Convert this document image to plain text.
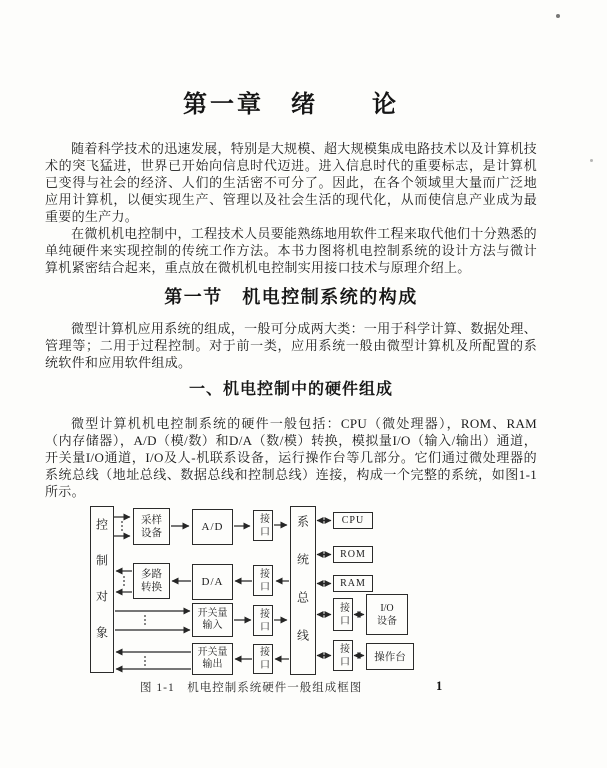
第一章　绪　　论

随着科学技术的迅速发展，特别是大规模、超大规模集成电路技术以及计算机技术的突飞猛进，世界已开始向信息时代迈进。进入信息时代的重要标志，是计算机已变得与社会的经济、人们的生活密不可分了。因此，在各个领域里大量而广泛地应用计算机，以便实现生产、管理以及社会生活的现代化，从而使信息产业成为最重要的生产力。

在微机机电控制中，工程技术人员要能熟练地用软件工程来取代他们十分熟悉的单纯硬件来实现控制的传统工作方法。本书力图将机电控制系统的设计方法与微计算机紧密结合起来，重点放在微机机电控制实用接口技术与原理介绍上。

第一节　机电控制系统的构成

微型计算机应用系统的组成，一般可分成两大类：一用于科学计算、数据处理、管理等；二用于过程控制。对于前一类，应用系统一般由微型计算机及所配置的系统软件和应用软件组成。

一、机电控制中的硬件组成

微型计算机机电控制系统的硬件一般包括：CPU（微处理器），ROM、RAM（内存储器），A/D（模/数）和D/A（数/模）转换，模拟量I/O（输入/输出）通道，开关量I/O通道，I/O及人-机联系设备，运行操作台等几部分。它们通过微处理器的系统总线（地址总线、数据总线和控制总线）连接，构成一个完整的系统，如图1-1所示。

控制对象	采样
设备
多路
转换
A/D
D/A
开关量
输入
开关量
输出
接口
接口
接口
接口 系统总线	CPU
ROM
RAM
接口	I/O
设备
接口	操作台
图 1-1　机电控制系统硬件一般组成框图	1
